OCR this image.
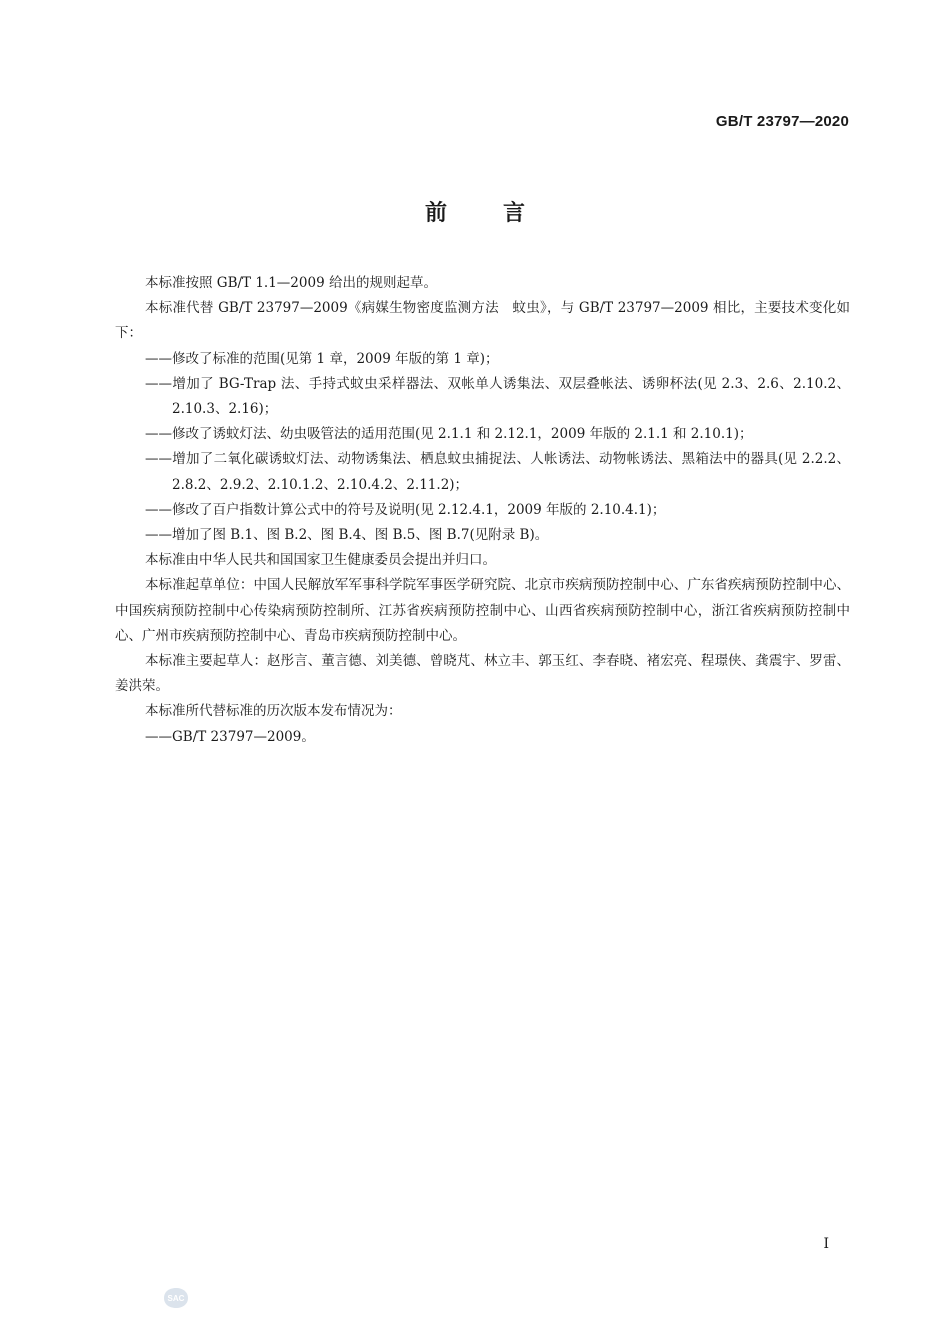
GB/T 23797—2020
前言

本标准按照 GB/T 1.1—2009 给出的规则起草。

本标准代替 GB/T 23797—2009《病媒生物密度监测方法　蚊虫》，与 GB/T 23797—2009 相比，主要技术变化如下：

——修改了标准的范围(见第 1 章，2009 年版的第 1 章)；

——增加了 BG-Trap 法、手持式蚊虫采样器法、双帐单人诱集法、双层叠帐法、诱卵杯法(见 2.3、2.6、2.10.2、2.10.3、2.16)；

——修改了诱蚊灯法、幼虫吸管法的适用范围(见 2.1.1 和 2.12.1，2009 年版的 2.1.1 和 2.10.1)；

——增加了二氧化碳诱蚊灯法、动物诱集法、栖息蚊虫捕捉法、人帐诱法、动物帐诱法、黑箱法中的器具(见 2.2.2、2.8.2、2.9.2、2.10.1.2、2.10.4.2、2.11.2)；

——修改了百户指数计算公式中的符号及说明(见 2.12.4.1，2009 年版的 2.10.4.1)；

——增加了图 B.1、图 B.2、图 B.4、图 B.5、图 B.7(见附录 B)。

本标准由中华人民共和国国家卫生健康委员会提出并归口。

本标准起草单位：中国人民解放军军事科学院军事医学研究院、北京市疾病预防控制中心、广东省疾病预防控制中心、中国疾病预防控制中心传染病预防控制所、江苏省疾病预防控制中心、山西省疾病预防控制中心，浙江省疾病预防控制中心、广州市疾病预防控制中心、青岛市疾病预防控制中心。

本标准主要起草人：赵彤言、董言德、刘美德、曾晓芃、林立丰、郭玉红、李春晓、褚宏亮、程璟侠、龚震宇、罗雷、姜洪荣。

本标准所代替标准的历次版本发布情况为：

——GB/T 23797—2009。

I
SAC
